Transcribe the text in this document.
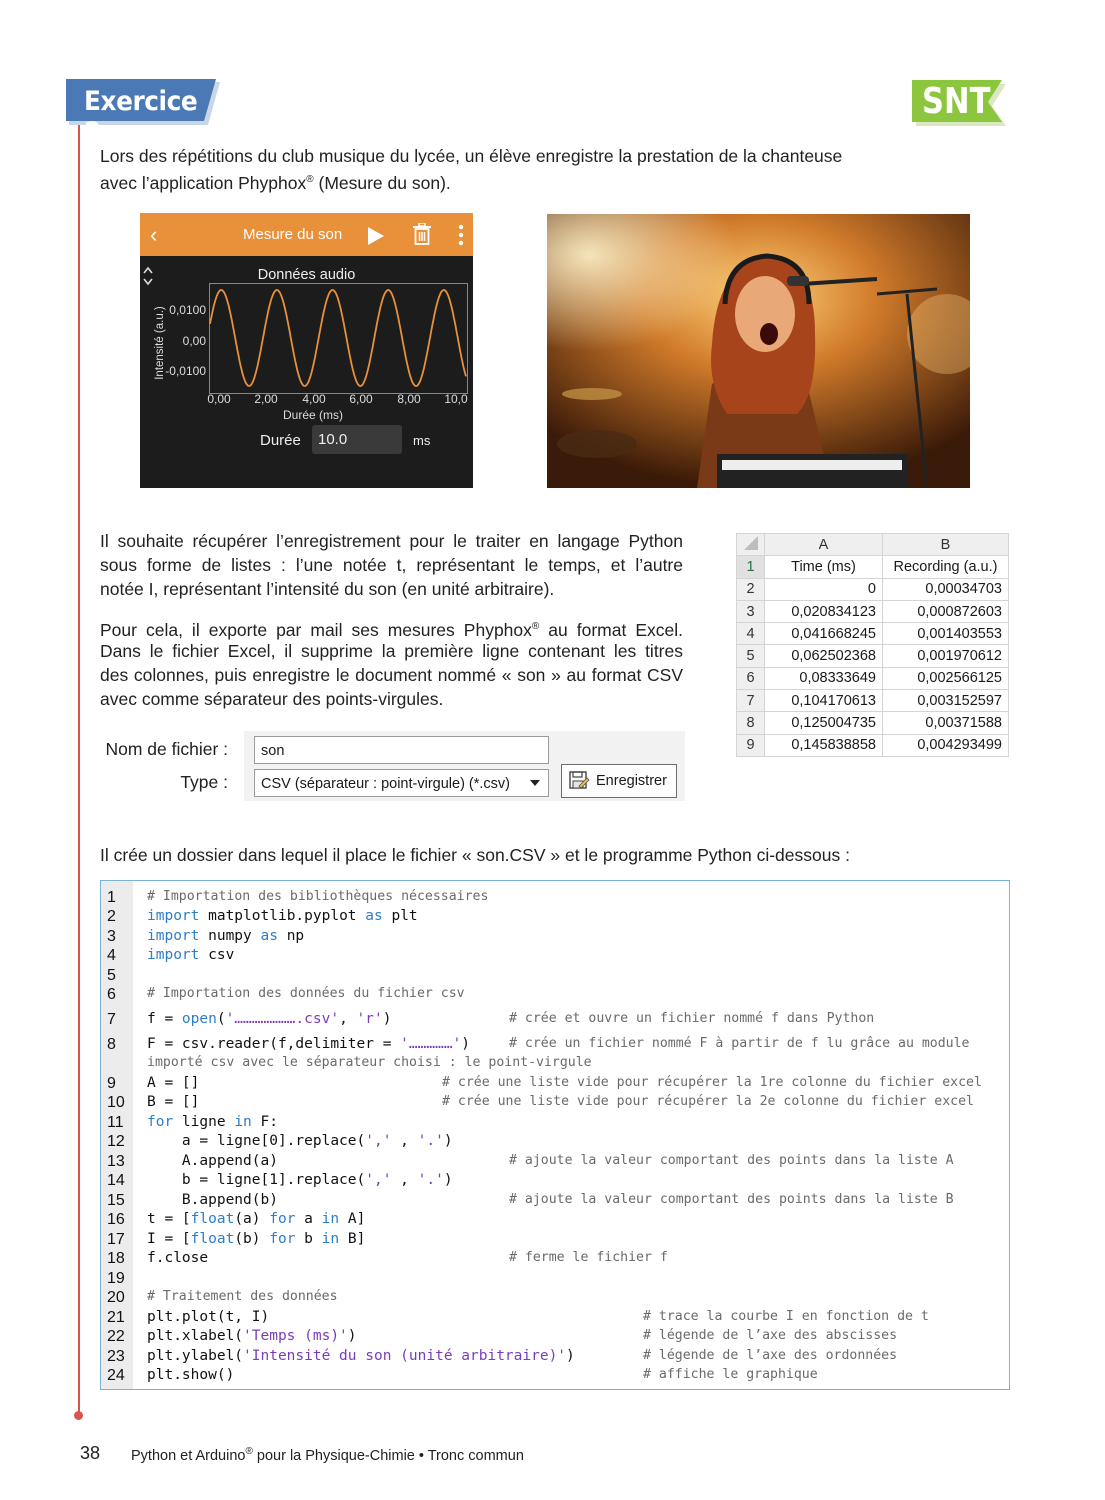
Exercice 2
SNT
Lors des répétitions du club musique du lycée, un élève enregistre la prestation de la chanteuse
avec l’application Phyphox® (Mesure du son).
‹	Mesure du son
Données audio
Intensité (a.u.) 0,0100
0,00
-0,0100
0,00	2,00	4,00	6,00	8,00	10,0
Durée (ms)
Durée	10.0	ms
Il souhaite récupérer l’enregistrement pour le traiter en langage Python
sous forme de listes : l’une notée t, représentant le temps, et l’autre
notée I, représentant l’intensité du son (en unité arbitraire).
Pour cela, il exporte par mail ses mesures Phyphox® au format Excel.
Dans le fichier Excel, il supprime la première ligne contenant les titres
des colonnes, puis enregistre le document nommé « son » au format CSV
avec comme séparateur des points-virgules.
	A	B
1	Time (ms)	Recording (a.u.)
2	0	0,00034703
3	0,020834123	0,000872603
4	0,041668245	0,001403553
5	0,062502368	0,001970612
6	0,08333649	0,002566125
7	0,104170613	0,003152597
8	0,125004735	0,00371588
9	0,145838858	0,004293499
Nom de fichier :
Type :
son
CSV (séparateur : point-virgule) (*.csv)	Enregistrer
Il crée un dossier dans lequel il place le fichier « son.CSV » et le programme Python ci-dessous :
1	# Importation des bibliothèques nécessaires
2	import matplotlib.pyplot as plt
3	import numpy as np
4	import csv
5
6	# Importation des données du fichier csv
7	f = open('………………….csv', 'r')	# crée et ouvre un fichier nommé f dans Python
8	F = csv.reader(f,delimiter = '……………')	# crée un fichier nommé F à partir de f lu grâce au module
importé csv avec le séparateur choisi : le point-virgule
9	A = []	# crée une liste vide pour récupérer la 1re colonne du fichier excel
10	B = []	# crée une liste vide pour récupérer la 2e colonne du fichier excel
11	for ligne in F:
12	a = ligne[0].replace(',' , '.')
13	A.append(a)	# ajoute la valeur comportant des points dans la liste A
14	b = ligne[1].replace(',' , '.')
15	B.append(b)	# ajoute la valeur comportant des points dans la liste B
16	t = [float(a) for a in A]
17	I = [float(b) for b in B]
18	f.close	# ferme le fichier f
19
20	# Traitement des données
21	plt.plot(t, I)	# trace la courbe I en fonction de t
22	plt.xlabel('Temps (ms)')	# légende de l’axe des abscisses
23	plt.ylabel('Intensité du son (unité arbitraire)')	# légende de l’axe des ordonnées
24	plt.show()	# affiche le graphique
38 Python et Arduino® pour la Physique-Chimie • Tronc commun
